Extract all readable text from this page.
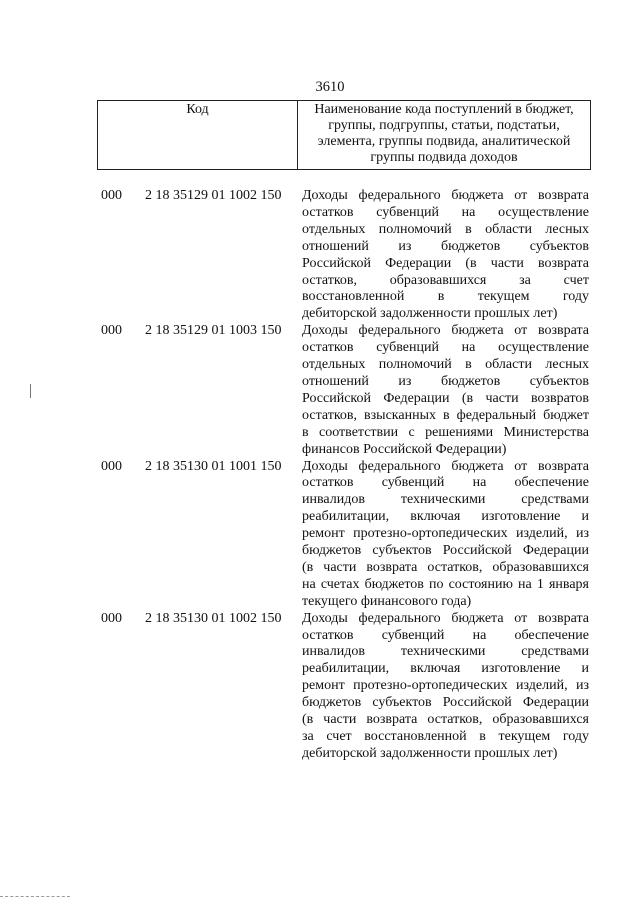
3610
Код	Наименование кода поступлений в бюджет,
группы, подгруппы, статьи, подстатьи,
элемента, группы подвида, аналитической
группы подвида доходов
000 2 18 35129 01 1002 150 Доходы федерального бюджета от возврата
остатков субвенций на осуществление
отдельных полномочий в области лесных
отношений из бюджетов субъектов
Российской Федерации (в части возврата
остатков, образовавшихся за счет
восстановленной в текущем году
дебиторской задолженности прошлых лет)
000 2 18 35129 01 1003 150 Доходы федерального бюджета от возврата
остатков субвенций на осуществление
отдельных полномочий в области лесных
отношений из бюджетов субъектов
Российской Федерации (в части возвратов
остатков, взысканных в федеральный бюджет
в соответствии с решениями Министерства
финансов Российской Федерации)
000 2 18 35130 01 1001 150 Доходы федерального бюджета от возврата
остатков субвенций на обеспечение
инвалидов техническими средствами
реабилитации, включая изготовление и
ремонт протезно-ортопедических изделий, из
бюджетов субъектов Российской Федерации
(в части возврата остатков, образовавшихся
на счетах бюджетов по состоянию на 1 января
текущего финансового года)
000 2 18 35130 01 1002 150 Доходы федерального бюджета от возврата
остатков субвенций на обеспечение
инвалидов техническими средствами
реабилитации, включая изготовление и
ремонт протезно-ортопедических изделий, из
бюджетов субъектов Российской Федерации
(в части возврата остатков, образовавшихся
за счет восстановленной в текущем году
дебиторской задолженности прошлых лет)
